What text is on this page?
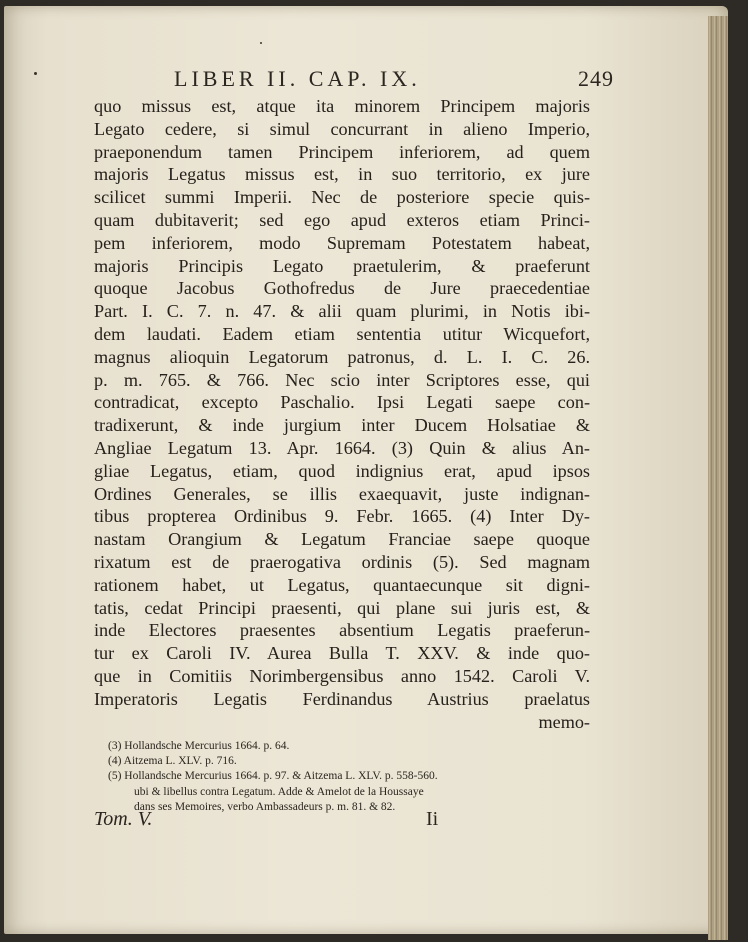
LIBER II. CAP. IX.	249
quo missus est, atque ita minorem Principem majoris
Legato cedere, si simul concurrant in alieno Imperio,
praeponendum tamen Principem inferiorem, ad quem
majoris Legatus missus est, in suo territorio, ex jure
scilicet summi Imperii. Nec de posteriore specie quis-
quam dubitaverit; sed ego apud exteros etiam Princi-
pem inferiorem, modo Supremam Potestatem habeat,
majoris Principis Legato praetulerim, & praeferunt
quoque Jacobus Gothofredus de Jure praecedentiae
Part. I. C. 7. n. 47. & alii quam plurimi, in Notis ibi-
dem laudati. Eadem etiam sententia utitur Wicquefort,
magnus alioquin Legatorum patronus, d. L. I. C. 26.
p. m. 765. & 766. Nec scio inter Scriptores esse, qui
contradicat, excepto Paschalio. Ipsi Legati saepe con-
tradixerunt, & inde jurgium inter Ducem Holsatiae &
Angliae Legatum 13. Apr. 1664. (3) Quin & alius An-
gliae Legatus, etiam, quod indignius erat, apud ipsos
Ordines Generales, se illis exaequavit, juste indignan-
tibus propterea Ordinibus 9. Febr. 1665. (4) Inter Dy-
nastam Orangium & Legatum Franciae saepe quoque
rixatum est de praerogativa ordinis (5). Sed magnam
rationem habet, ut Legatus, quantaecunque sit digni-
tatis, cedat Principi praesenti, qui plane sui juris est, &
inde Electores praesentes absentium Legatis praeferun-
tur ex Caroli IV. Aurea Bulla T. XXV. & inde quo-
que in Comitiis Norimbergensibus anno 1542. Caroli V.
Imperatoris Legatis Ferdinandus Austrius praelatus
memo-
(3) Hollandsche Mercurius 1664. p. 64.
(4) Aitzema L. XLV. p. 716.
(5) Hollandsche Mercurius 1664. p. 97. & Aitzema L. XLV. p. 558-560.
ubi & libellus contra Legatum. Adde & Amelot de la Houssaye
dans ses Memoires, verbo Ambassadeurs p. m. 81. & 82.
Tom. V.	Ii
